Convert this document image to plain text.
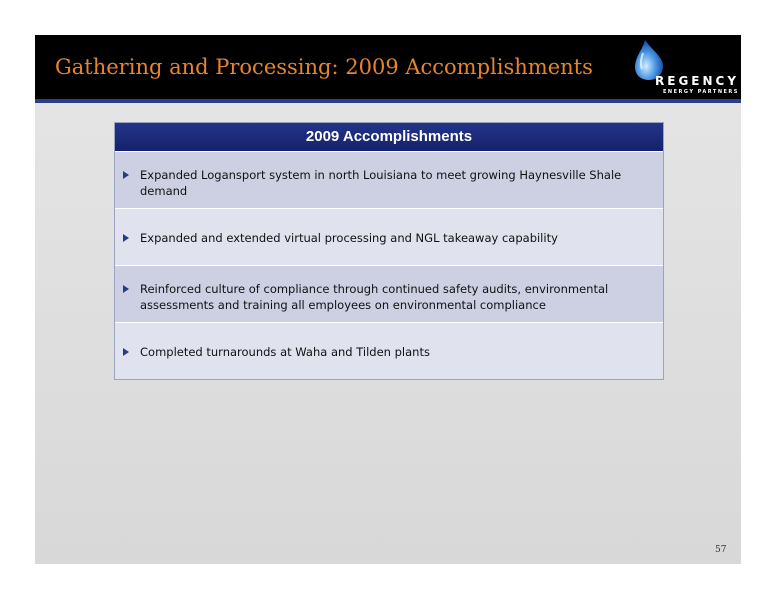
Gathering and Processing: 2009 Accomplishments
REGENCY
ENERGY PARTNERS
2009 Accomplishments
Expanded Logansport system in north Louisiana to meet growing Haynesville Shale demand
Expanded and extended virtual processing and NGL takeaway capability
Reinforced culture of compliance through continued safety audits, environmental assessments and training all employees on environmental compliance
Completed turnarounds at Waha and Tilden plants
57
